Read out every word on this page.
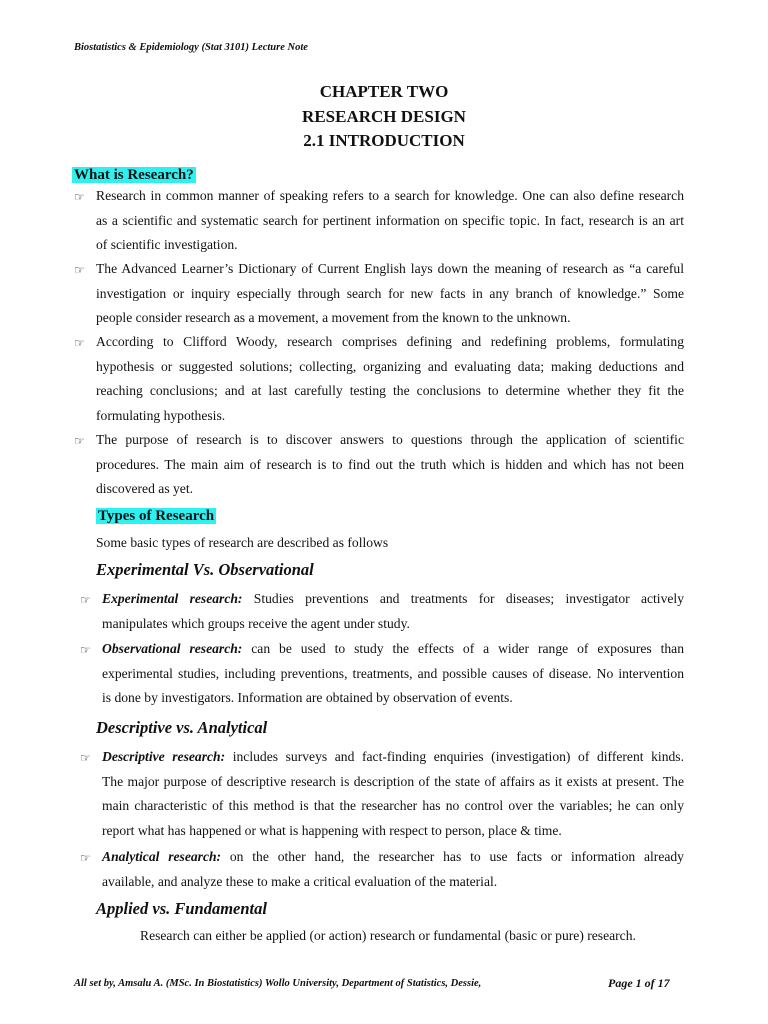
Biostatistics & Epidemiology (Stat 3101) Lecture Note
CHAPTER TWO
RESEARCH DESIGN
2.1 INTRODUCTION
What is Research?
☞
☞
☞
☞
Research in common manner of speaking refers to a search for knowledge. One can also define research
as a scientific and systematic search for pertinent information on specific topic. In fact, research is an art
of scientific investigation.
The Advanced Learner’s Dictionary of Current English lays down the meaning of research as “a careful
investigation or inquiry especially through search for new facts in any branch of knowledge.” Some
people consider research as a movement, a movement from the known to the unknown.
According to Clifford Woody, research comprises defining and redefining problems, formulating
hypothesis or suggested solutions; collecting, organizing and evaluating data; making deductions and
reaching conclusions; and at last carefully testing the conclusions to determine whether they fit the
formulating hypothesis.
The purpose of research is to discover answers to questions through the application of scientific
procedures. The main aim of research is to find out the truth which is hidden and which has not been
discovered as yet.
Types of Research
Some basic types of research are described as follows
Experimental Vs. Observational
☞ Experimental research: Studies preventions and treatments for diseases; investigator actively
manipulates which groups receive the agent under study.
☞ Observational research: can be used to study the effects of a wider range of exposures than
experimental studies, including preventions, treatments, and possible causes of disease. No intervention
is done by investigators. Information are obtained by observation of events.
Descriptive vs. Analytical
☞ Descriptive research: includes surveys and fact-finding enquiries (investigation) of different kinds.
The major purpose of descriptive research is description of the state of affairs as it exists at present. The
main characteristic of this method is that the researcher has no control over the variables; he can only
report what has happened or what is happening with respect to person, place & time.
☞ Analytical research: on the other hand, the researcher has to use facts or information already
available, and analyze these to make a critical evaluation of the material.
Applied vs. Fundamental
Research can either be applied (or action) research or fundamental (basic or pure) research.
All set by, Amsalu A. (MSc. In Biostatistics) Wollo University, Department of Statistics, Dessie,	Page 1 of 17
